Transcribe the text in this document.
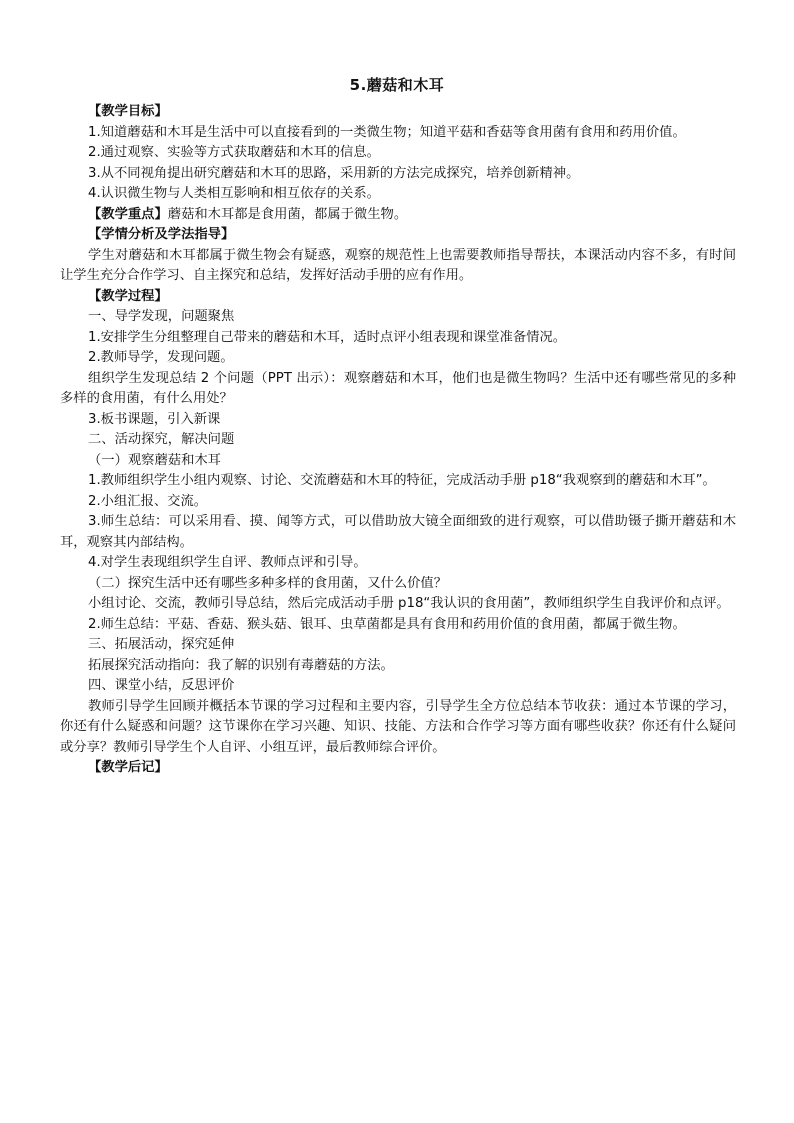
5.蘑菇和木耳

【教学目标】

1.知道蘑菇和木耳是生活中可以直接看到的一类微生物；知道平菇和香菇等食用菌有食用和药用价值。

2.通过观察、实验等方式获取蘑菇和木耳的信息。

3.从不同视角提出研究蘑菇和木耳的思路，采用新的方法完成探究，培养创新精神。

4.认识微生物与人类相互影响和相互依存的关系。

【教学重点】蘑菇和木耳都是食用菌，都属于微生物。

【学情分析及学法指导】

学生对蘑菇和木耳都属于微生物会有疑惑，观察的规范性上也需要教师指导帮扶，本课活动内容不多，有时间让学生充分合作学习、自主探究和总结，发挥好活动手册的应有作用。

【教学过程】

一、导学发现，问题聚焦

1.安排学生分组整理自己带来的蘑菇和木耳，适时点评小组表现和课堂准备情况。

2.教师导学，发现问题。

组织学生发现总结 2 个问题（PPT 出示）：观察蘑菇和木耳，他们也是微生物吗？生活中还有哪些常见的多种多样的食用菌，有什么用处？

3.板书课题，引入新课

二、活动探究，解决问题

（一）观察蘑菇和木耳

1.教师组织学生小组内观察、讨论、交流蘑菇和木耳的特征，完成活动手册 p18“我观察到的蘑菇和木耳”。

2.小组汇报、交流。

3.师生总结：可以采用看、摸、闻等方式，可以借助放大镜全面细致的进行观察，可以借助镊子撕开蘑菇和木耳，观察其内部结构。

4.对学生表现组织学生自评、教师点评和引导。

（二）探究生活中还有哪些多种多样的食用菌，又什么价值？

小组讨论、交流，教师引导总结，然后完成活动手册 p18“我认识的食用菌”，教师组织学生自我评价和点评。

2.师生总结：平菇、香菇、猴头菇、银耳、虫草菌都是具有食用和药用价值的食用菌，都属于微生物。

三、拓展活动，探究延伸

拓展探究活动指向：我了解的识别有毒蘑菇的方法。

四、课堂小结，反思评价

教师引导学生回顾并概括本节课的学习过程和主要内容，引导学生全方位总结本节收获：通过本节课的学习，你还有什么疑惑和问题？这节课你在学习兴趣、知识、技能、方法和合作学习等方面有哪些收获？你还有什么疑问或分享？教师引导学生个人自评、小组互评，最后教师综合评价。

【教学后记】
